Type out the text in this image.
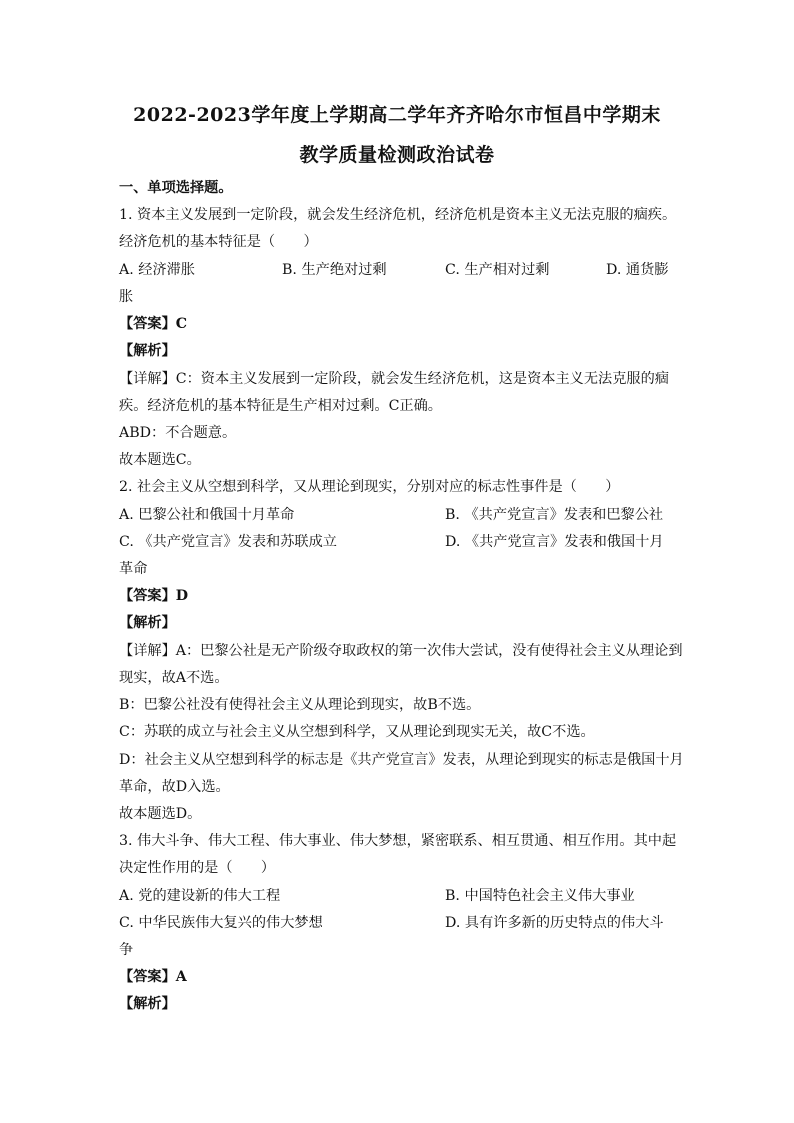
2022-2023学年度上学期高二学年齐齐哈尔市恒昌中学期末
教学质量检测政治试卷
一、单项选择题。
1. 资本主义发展到一定阶段，就会发生经济危机，经济危机是资本主义无法克服的痼疾。
经济危机的基本特征是（　　）
A. 经济滞胀	B. 生产绝对过剩	C. 生产相对过剩	D. 通货膨
胀
【答案】C
【解析】
【详解】C：资本主义发展到一定阶段，就会发生经济危机，这是资本主义无法克服的痼
疾。经济危机的基本特征是生产相对过剩。C正确。
ABD：不合题意。
故本题选C。
2. 社会主义从空想到科学，又从理论到现实，分别对应的标志性事件是（　　）
A. 巴黎公社和俄国十月革命	B. 《共产党宣言》发表和巴黎公社
C. 《共产党宣言》发表和苏联成立	D. 《共产党宣言》发表和俄国十月
革命
【答案】D
【解析】
【详解】A：巴黎公社是无产阶级夺取政权的第一次伟大尝试，没有使得社会主义从理论到
现实，故A不选。
B：巴黎公社没有使得社会主义从理论到现实，故B不选。
C：苏联的成立与社会主义从空想到科学，又从理论到现实无关，故C不选。
D：社会主义从空想到科学的标志是《共产党宣言》发表，从理论到现实的标志是俄国十月
革命，故D入选。
故本题选D。
3. 伟大斗争、伟大工程、伟大事业、伟大梦想，紧密联系、相互贯通、相互作用。其中起
决定性作用的是（　　）
A. 党的建设新的伟大工程	B. 中国特色社会主义伟大事业
C. 中华民族伟大复兴的伟大梦想	D. 具有许多新的历史特点的伟大斗
争
【答案】A
【解析】
